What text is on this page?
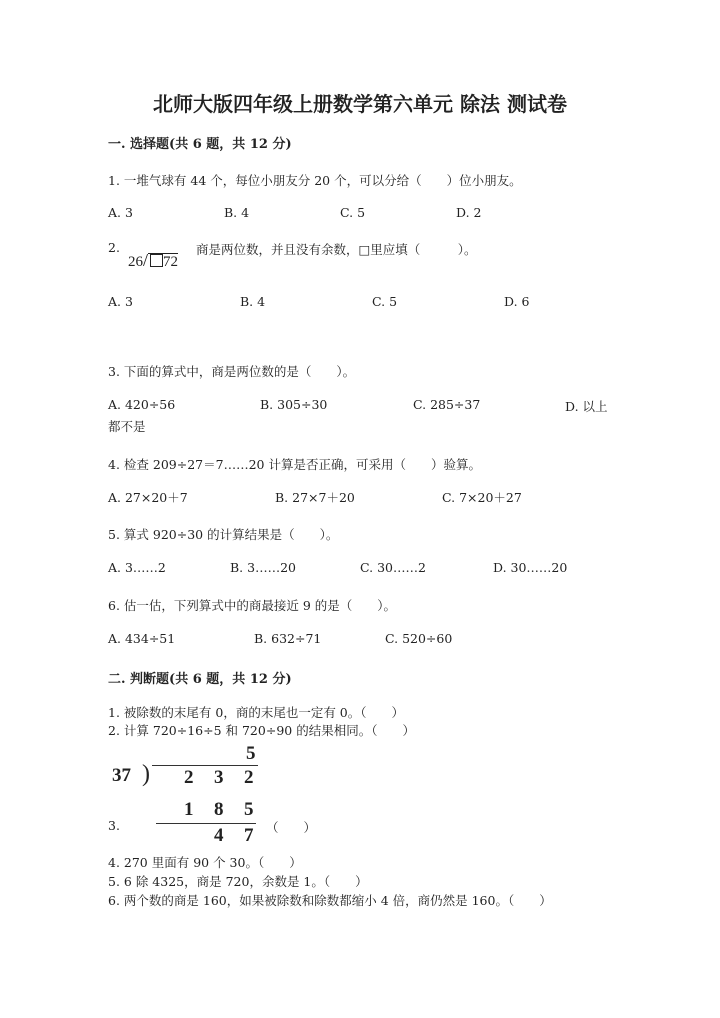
北师大版四年级上册数学第六单元 除法 测试卷
一. 选择题(共 6 题，共 12 分)
1. 一堆气球有 44 个，每位小朋友分 20 个，可以分给（　　）位小朋友。
A. 3	B. 4	C. 5	D. 2
2.
26/ 72
商是两位数，并且没有余数，□里应填（　　　）。
A. 3	B. 4	C. 5	D. 6
3. 下面的算式中，商是两位数的是（　　）。
A. 420÷56	B. 305÷30	C. 285÷37	D. 以上
都不是
4. 检查 209÷27＝7……20 计算是否正确，可采用（　　）验算。
A. 27×20＋7	B. 27×7＋20	C. 7×20＋27
5. 算式 920÷30 的计算结果是（　　）。
A. 3……2	B. 3……20	C. 30……2	D. 30……20
6. 估一估，下列算式中的商最接近 9 的是（　　）。
A. 434÷51	B. 632÷71	C. 520÷60
二. 判断题(共 6 题，共 12 分)
1. 被除数的末尾有 0，商的末尾也一定有 0。（　　）
2. 计算 720÷16÷5 和 720÷90 的结果相同。（　　）
3.
5
37 ) 2 3 2
1 8 5
4 7 （　　）
4. 270 里面有 90 个 30。（　　）
5. 6 除 4325，商是 720，余数是 1。（　　）
6. 两个数的商是 160，如果被除数和除数都缩小 4 倍，商仍然是 160。（　　）
